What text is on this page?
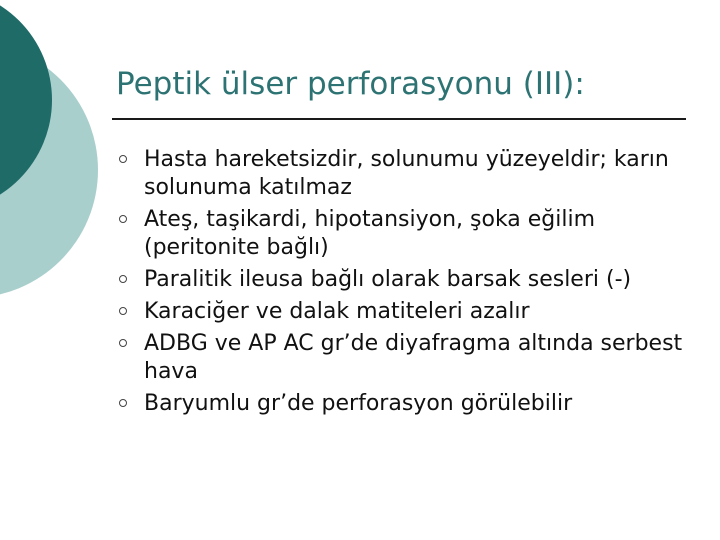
Peptik ülser perforasyonu (III):
Hasta hareketsizdir, solunumu yüzeyeldir; karın solunuma katılmaz
Ateş, taşikardi, hipotansiyon, şoka eğilim (peritonite bağlı)
Paralitik ileusa bağlı olarak barsak sesleri (-)
Karaciğer ve dalak matiteleri azalır
ADBG ve AP AC gr’de diyafragma altında serbest hava
Baryumlu gr’de perforasyon görülebilir
